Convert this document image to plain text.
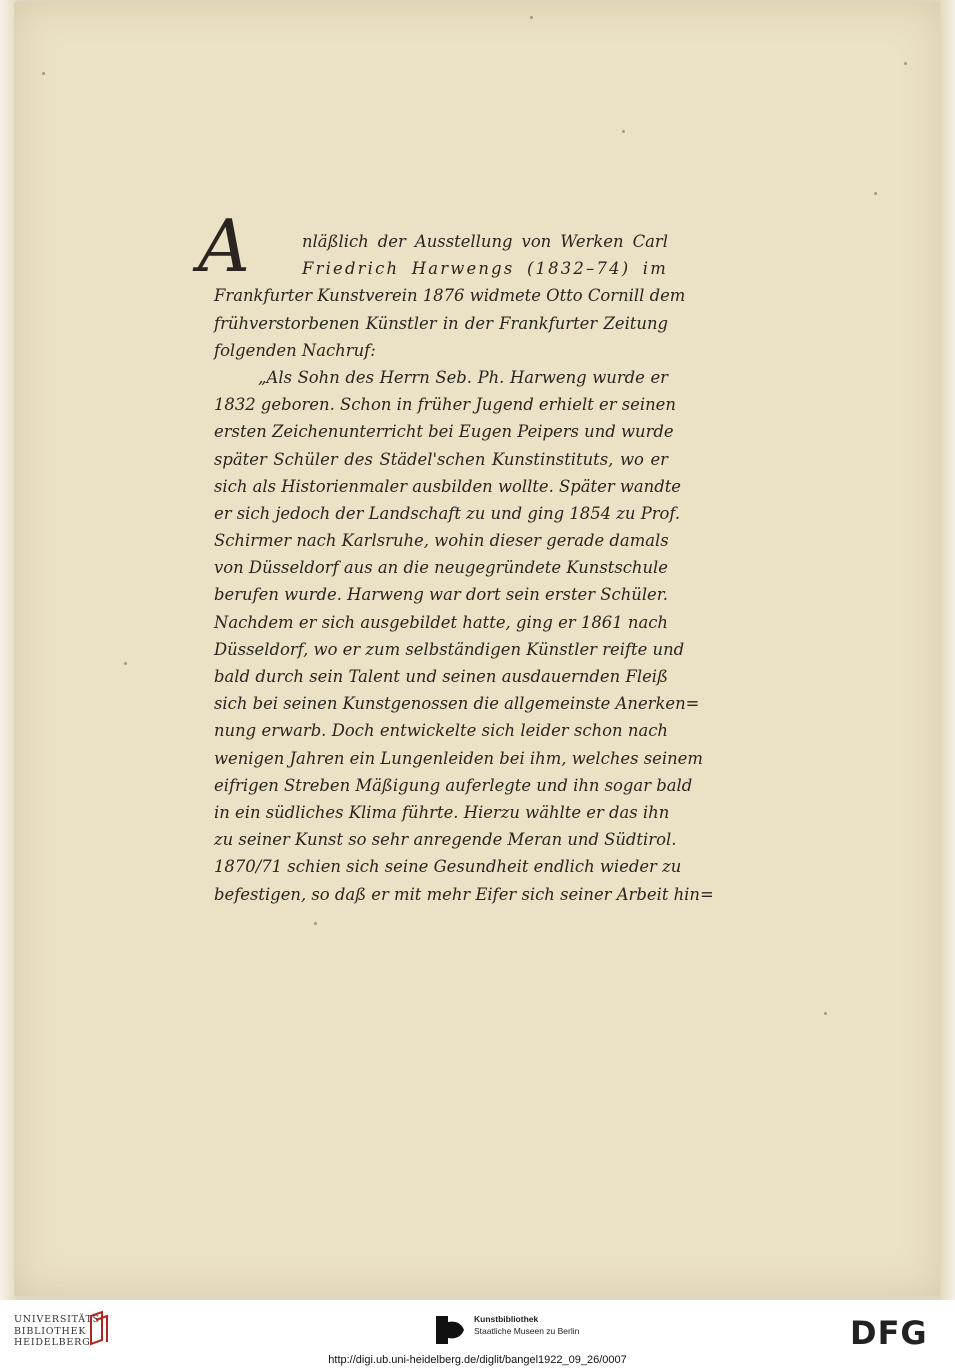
A	nläßlich der Ausstellung von Werken Carl
Friedrich Harwengs (1832–74) im
Frankfurter Kunstverein 1876 widmete Otto Cornill dem
frühverstorbenen Künstler in der Frankfurter Zeitung
folgenden Nachruf:
„Als Sohn des Herrn Seb. Ph. Harweng wurde er
1832 geboren. Schon in früher Jugend erhielt er seinen
ersten Zeichenunterricht bei Eugen Peipers und wurde
später Schüler des Städel'schen Kunstinstituts, wo er
sich als Historienmaler ausbilden wollte. Später wandte
er sich jedoch der Landschaft zu und ging 1854 zu Prof.
Schirmer nach Karlsruhe, wohin dieser gerade damals
von Düsseldorf aus an die neugegründete Kunstschule
berufen wurde. Harweng war dort sein erster Schüler.
Nachdem er sich ausgebildet hatte, ging er 1861 nach
Düsseldorf, wo er zum selbständigen Künstler reifte und
bald durch sein Talent und seinen ausdauernden Fleiß
sich bei seinen Kunstgenossen die allgemeinste Anerken=
nung erwarb. Doch entwickelte sich leider schon nach
wenigen Jahren ein Lungenleiden bei ihm, welches seinem
eifrigen Streben Mäßigung auferlegte und ihn sogar bald
in ein südliches Klima führte. Hierzu wählte er das ihn
zu seiner Kunst so sehr anregende Meran und Südtirol.
1870/71 schien sich seine Gesundheit endlich wieder zu
befestigen, so daß er mit mehr Eifer sich seiner Arbeit hin=
UNIVERSITÄTS-
BIBLIOTHEK
HEIDELBERG
Kunstbibliothek
Staatliche Museen zu Berlin	DFG
http://digi.ub.uni-heidelberg.de/diglit/bangel1922_09_26/0007
